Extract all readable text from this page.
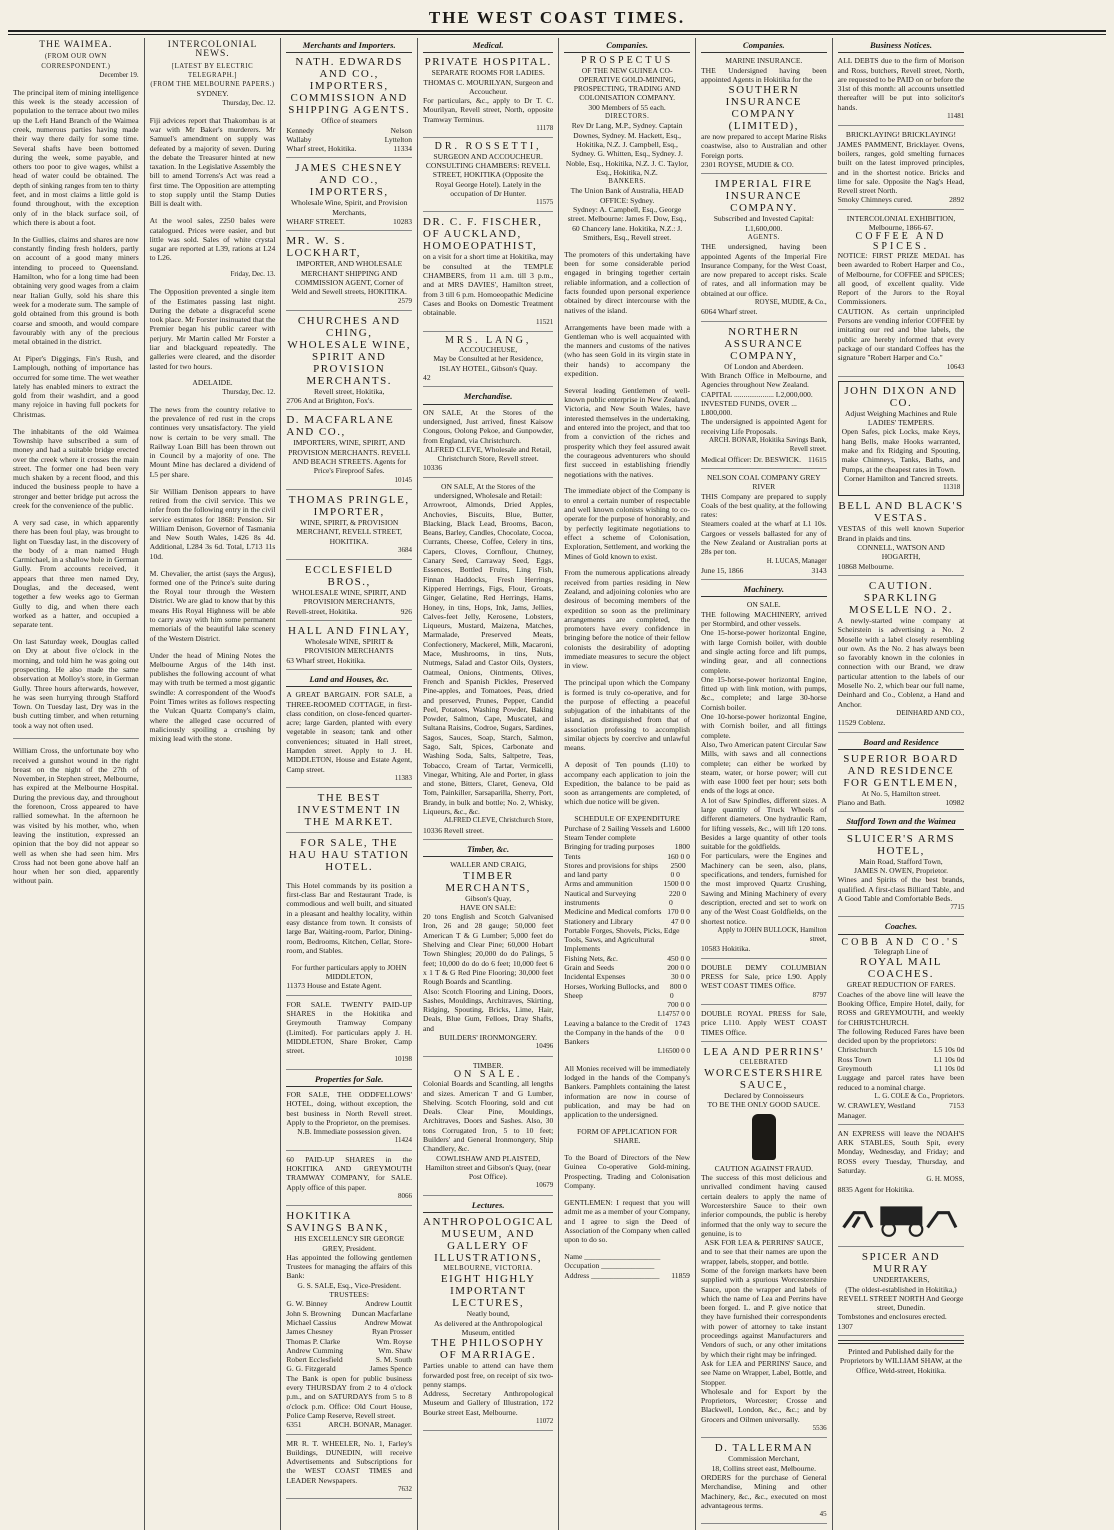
THE WEST COAST TIMES.
THE WAIMEA.
(FROM OUR OWN CORRESPONDENT.)
December 19.

The principal item of mining intelligence this week is the steady accession of population to the terrace about two miles up the Left Hand Branch of the Waimea creek, numerous parties having made their way there daily for some time. Several shafts have been bottomed during the week, some payable, and others too poor to give wages, whilst a head of water could be obtained. The depth of sinking ranges from ten to thirty feet, and in most claims a little gold is found throughout, with the exception only of in the black surface soil, of which there is about a foot.

In the Gullies, claims and shares are now constantly finding fresh holders, partly on account of a good many miners intending to proceed to Queensland. Hamilton, who for a long time had been obtaining very good wages from a claim near Italian Gully, sold his share this week for a moderate sum. The sample of gold obtained from this ground is both coarse and smooth, and would compare favourably with any of the precious metal obtained in the district.

At Piper's Diggings, Fin's Rush, and Lamplough, nothing of importance has occurred for some time. The wet weather lately has enabled miners to extract the gold from their washdirt, and a good many rejoice in having full pockets for Christmas.

The inhabitants of the old Waimea Township have subscribed a sum of money and had a suitable bridge erected over the creek where it crosses the main street. The former one had been very much shaken by a recent flood, and this induced the business people to have a stronger and better bridge put across the creek for the convenience of the public.

A very sad case, in which apparently there has been foul play, was brought to light on Tuesday last, in the discovery of the body of a man named Hugh Carmichael, in a shallow hole in German Gully. From accounts received, it appears that three men named Dry, Douglas, and the deceased, went together a few weeks ago to German Gully to dig, and when there each worked as a hatter, and occupied a separate tent.

On last Saturday week, Douglas called on Dry at about five o'clock in the morning, and told him he was going out prospecting. He also made the same observation at Molloy's store, in German Gully. Three hours afterwards, however, he was seen hurrying through Stafford Town. On Tuesday last, Dry was in the bush cutting timber, and when returning took a way not often used.

William Cross, the unfortunate boy who received a gunshot wound in the right breast on the night of the 27th of November, in Stephen street, Melbourne, has expired at the Melbourne Hospital. During the previous day, and throughout the forenoon, Cross appeared to have rallied somewhat. In the afternoon he was visited by his mother, who, when leaving the institution, expressed an opinion that the boy did not appear so well as when she had seen him. Mrs Cross had not been gone above half an hour when her son died, apparently without pain.

INTERCOLONIAL NEWS.
[LATEST BY ELECTRIC TELEGRAPH.]
(FROM THE MELBOURNE PAPERS.)
SYDNEY.
Thursday, Dec. 12.

Fiji advices report that Thakombau is at war with Mr Baker's murderers. Mr Samuel's amendment on supply was defeated by a majority of seven. During the debate the Treasurer hinted at new taxation. In the Legislative Assembly the bill to amend Torrens's Act was read a first time. The Opposition are attempting to stop supply until the Stamp Duties Bill is dealt with.

At the wool sales, 2250 bales were catalogued. Prices were easier, and but little was sold. Sales of white crystal sugar are reported at L39, rations at L24 to L26.

Friday, Dec. 13.

The Opposition prevented a single item of the Estimates passing last night. During the debate a disgraceful scene took place. Mr Forster insinuated that the Premier began his public career with perjury. Mr Martin called Mr Forster a liar and blackguard repeatedly. The galleries were cleared, and the disorder lasted for two hours.

ADELAIDE.
Thursday, Dec. 12.

The news from the country relative to the prevalence of red rust in the crops continues very unsatisfactory. The yield now is certain to be very small. The Railway Loan Bill has been thrown out in Council by a majority of one. The Mount Mine has declared a dividend of L5 per share.

Sir William Denison appears to have retired from the civil service. This we infer from the following entry in the civil service estimates for 1868: Pension. Sir William Denison, Governor of Tasmania and New South Wales, 1426 8s 4d. Additional, L284 3s 6d. Total, L713 11s 10d.

M. Chevalier, the artist (says the Argus), formed one of the Prince's suite during the Royal tour through the Western District. We are glad to know that by this means His Royal Highness will be able to carry away with him some permanent memorials of the beautiful lake scenery of the Western District.

Under the head of Mining Notes the Melbourne Argus of the 14th inst. publishes the following account of what may with truth be termed a most gigantic swindle: A correspondent of the Wood's Point Times writes as follows respecting the Vulcan Quartz Company's claim, where the alleged case occurred of maliciously spoiling a crushing by mixing lead with the stone.

Merchants and Importers.
NATH. EDWARDS AND CO., IMPORTERS, COMMISSION AND SHIPPING AGENTS.
Office of steamers
Kennedy	Nelson
Wallaby	Lyttelton
Wharf street, Hokitika.	11334
JAMES CHESNEY AND CO., IMPORTERS,
Wholesale Wine, Spirit, and Provision Merchants,
WHARF STREET.	10283
MR. W. S. LOCKHART,
IMPORTER, AND WHOLESALE MERCHANT SHIPPING AND COMMISSION AGENT, Corner of Weld and Sewell streets, HOKITIKA.
2579
CHURCHES AND CHING, WHOLESALE WINE, SPIRIT AND PROVISION MERCHANTS.
Revell street, Hokitika,
2706 And at Brighton, Fox's.
D. MACFARLANE AND CO.,
IMPORTERS, WINE, SPIRIT, AND PROVISION MERCHANTS. REVELL AND BEACH STREETS. Agents for Price's Fireproof Safes.
10145
THOMAS PRINGLE, IMPORTER,
WINE, SPIRIT, & PROVISION MERCHANT, REVELL STREET, HOKITIKA.
3684
ECCLESFIELD BROS.,
WHOLESALE WINE, SPIRIT, AND PROVISION MERCHANTS,
Revell-street, Hokitika.	926
HALL AND FINLAY,
Wholesale WINE, SPIRIT & PROVISION MERCHANTS
63 Wharf street, Hokitika.
Land and Houses, &c.
A GREAT BARGAIN. FOR SALE, a THREE-ROOMED COTTAGE, in first-class condition, on close-fenced quarter-acre; large Garden, planted with every vegetable in season; tank and other conveniences; situated in Hall street, Hampden street. Apply to J. H. MIDDLETON, House and Estate Agent, Camp street.
11383
THE BEST INVESTMENT IN THE MARKET.
FOR SALE, THE HAU HAU STATION HOTEL.

This Hotel commands by its position a first-class Bar and Restaurant Trade, is commodious and well built, and situated in a pleasant and healthy locality, within easy distance from town. It consists of large Bar, Waiting-room, Parlor, Dining-room, Bedrooms, Kitchen, Cellar, Store-room, and Stables.

For further particulars apply to JOHN MIDDLETON,
11373 House and Estate Agent.
FOR SALE. TWENTY PAID-UP SHARES in the Hokitika and Greymouth Tramway Company (Limited). For particulars apply J. H. MIDDLETON, Share Broker, Camp street.
10198
Properties for Sale.
FOR SALE, THE ODDFELLOWS' HOTEL, doing, without exception, the best business in North Revell street. Apply to the Proprietor, on the premises.
N.B. Immediate possession given.
11424
60 PAID-UP SHARES in the HOKITIKA AND GREYMOUTH TRAMWAY COMPANY, for SALE. Apply office of this paper.
8066
HOKITIKA SAVINGS BANK,
HIS EXCELLENCY SIR GEORGE GREY, President.
Has appointed the following gentlemen Trustees for managing the affairs of this Bank:
G. S. SALE, Esq., Vice-President.
TRUSTEES:
G. W. Binney	Andrew Louttit
John S. Browning Duncan Macfarlane
Michael Cassius	Andrew Mowat
James Chesney	Ryan Prosser
Thomas P. Clarke	Wm. Royse
Andrew Cumming	Wm. Shaw
Robert Ecclesfield	S. M. South
G. G. Fitzgerald	James Spence
The Bank is open for public business every THURSDAY from 2 to 4 o'clock p.m., and on SATURDAYS from 5 to 8 o'clock p.m. Office: Old Court House, Police Camp Reserve, Revell street.
6351	ARCH. BONAR, Manager.
MR R. T. WHEELER, No. 1, Farley's Buildings, DUNEDIN, will receive Advertisements and Subscriptions for the WEST COAST TIMES and LEADER Newspapers.
7632
Medical.
PRIVATE HOSPITAL.
SEPARATE ROOMS FOR LADIES.
THOMAS C. MOURILYAN, Surgeon and Accoucheur.
For particulars, &c., apply to Dr T. C. Mourilyan, Revell street, North, opposite Tramway Terminus.
11178
DR. ROSSETTI,
SURGEON AND ACCOUCHEUR.
CONSULTING CHAMBERS: REVELL STREET, HOKITIKA (Opposite the Royal George Hotel). Lately in the occupation of Dr Hunter.
11575
DR. C. F. FISCHER, OF AUCKLAND, HOMOEOPATHIST,
on a visit for a short time at Hokitika, may be consulted at the TEMPLE CHAMBERS, from 11 a.m. till 3 p.m., and at MRS DAVIES', Hamilton street, from 3 till 6 p.m. Homoeopathic Medicine Cases and Books on Domestic Treatment obtainable.
11521
MRS. LANG,
ACCOUCHEUSE,
May be Consulted at her Residence, ISLAY HOTEL, Gibson's Quay.
42
Merchandise.
ON SALE, At the Stores of the undersigned, Just arrived, finest Kaisow Congous, Oolong Pekoe, and Gunpowder, from England, via Christchurch.
ALFRED CLEVE, Wholesale and Retail, Christchurch Store, Revell street.
10336
ON SALE, At the Stores of the undersigned, Wholesale and Retail:
Arrowroot, Almonds, Dried Apples, Anchovies, Biscuits, Blue, Butter, Blacking, Black Lead, Brooms, Bacon, Beans, Barley, Candles, Chocolate, Cocoa, Currants, Cheese, Coffee, Celery in tins, Capers, Cloves, Cornflour, Chutney, Canary Seed, Carraway Seed, Eggs, Essences, Bottled Fruits, Ling Fish, Finnan Haddocks, Fresh Herrings, Kippered Herrings, Figs, Flour, Groats, Ginger, Gelatine, Red Herrings, Hams, Honey, in tins, Hops, Ink, Jams, Jellies, Calves-feet Jelly, Kerosene, Lobsters, Liqueurs, Mustard, Maizena, Matches, Marmalade, Preserved Meats, Confectionery, Mackerel, Milk, Macaroni, Mace, Mushrooms, in tins, Nuts, Nutmegs, Salad and Castor Oils, Oysters, Oatmeal, Onions, Ointments, Olives, French and Spanish Pickles, Preserved Pine-apples, and Tomatoes, Peas, dried and preserved, Prunes, Pepper, Candid Peel, Potatoes, Washing Powder, Baking Powder, Salmon, Cape, Muscatel, and Sultana Raisins, Codroe, Sugars, Sardines, Sagos, Sauces, Soap, Starch, Salmon, Sago, Salt, Spices, Carbonate and Washing Soda, Salts, Saltpetre, Teas, Tobacco, Cream of Tartar, Vermicelli, Vinegar, Whiting, Ale and Porter, in glass and stone, Bitters, Claret, Geneva, Old Tom, Painkiller, Sarsaparilla, Sherry, Port, Brandy, in bulk and bottle; No. 2, Whisky, Liqueurs, &c., &c.
ALFRED CLEVE, Christchurch Store,
10336 Revell street.
Timber, &c.
WALLER AND CRAIG,
TIMBER MERCHANTS,
Gibson's Quay,
HAVE ON SALE:
20 tons English and Scotch Galvanised Iron, 26 and 28 gauge; 50,000 feet American T & G Lumber; 5,000 feet do Shelving and Clear Pine; 60,000 Hobart Town Shingles; 20,000 do do Palings, 5 feet; 10,000 do do do 6 feet; 10,000 feet 6 x 1 T & G Red Pine Flooring; 30,000 feet Rough Boards and Scantling.
Also: Scotch Flooring and Lining, Doors, Sashes, Mouldings, Architraves, Skirting, Ridging, Spouting, Bricks, Lime, Hair, Deals, Blue Gum, Felloes, Dray Shafts, and
BUILDERS' IRONMONGERY.
10496
TIMBER.
ON SALE.
Colonial Boards and Scantling, all lengths and sizes. American T and G Lumber, Shelving. Scotch Flooring, sold and cut Deals. Clear Pine, Mouldings, Architraves, Doors and Sashes. Also, 30 tons Corrugated Iron, 5 to 10 feet; Builders' and General Ironmongery, Ship Chandlery, &c.
COWLISHAW AND PLAISTED, Hamilton street and Gibson's Quay, (near Post Office).
10679
Lectures.
ANTHROPOLOGICAL MUSEUM, AND GALLERY OF ILLUSTRATIONS,
MELBOURNE, VICTORIA.
EIGHT HIGHLY IMPORTANT LECTURES,
Neatly bound,
As delivered at the Anthropological Museum, entitled
THE PHILOSOPHY OF MARRIAGE.
Parties unable to attend can have them forwarded post free, on receipt of six two-penny stamps.
Address, Secretary Anthropological Museum and Gallery of Illustration, 172 Bourke street East, Melbourne.
11072
Companies.
PROSPECTUS
OF THE NEW GUINEA CO-OPERATIVE GOLD-MINING, PROSPECTING, TRADING AND COLONISATION COMPANY.
300 Members of 55 each.
DIRECTORS.
Rev Dr Lang, M.P., Sydney. Captain Downes, Sydney. M. Hackett, Esq., Hokitika, N.Z. J. Campbell, Esq., Sydney. G. Whitten, Esq., Sydney. J. Noble, Esq., Hokitika, N.Z. J. C. Taylor, Esq., Hokitika, N.Z.
BANKERS.
The Union Bank of Australia, HEAD OFFICE: Sydney.
Sydney: A. Campbell, Esq., George street. Melbourne: James F. Dow, Esq., 60 Chancery lane. Hokitika, N.Z.: J. Smithers, Esq., Revell street.

The promoters of this undertaking have been for some considerable period engaged in bringing together certain reliable information, and a collection of facts founded upon personal experience obtained by direct intercourse with the natives of the island.

Arrangements have been made with a Gentleman who is well acquainted with the manners and customs of the natives (who has seen Gold in its virgin state in their hands) to accompany the expedition.

Several leading Gentlemen of well-known public enterprise in New Zealand, Victoria, and New South Wales, have interested themselves in the undertaking, and entered into the project, and that too from a conviction of the riches and prosperity which they feel assured await the courageous adventurers who should first succeed in establishing friendly negotiations with the natives.

The immediate object of the Company is to enrol a certain number of respectable and well known colonists wishing to co-operate for the purpose of honorably, and by perfectly legitimate negotiations to effect a scheme of Colonisation, Exploration, Settlement, and working the Mines of Gold known to exist.

From the numerous applications already received from parties residing in New Zealand, and adjoining colonies who are desirous of becoming members of the expedition so soon as the preliminary arrangements are completed, the promoters have every confidence in bringing before the notice of their fellow colonists the desirability of adopting immediate measures to secure the object in view.

The principal upon which the Company is formed is truly co-operative, and for the purpose of effecting a peaceful subjugation of the inhabitants of the island, as distinguished from that of association professing to accomplish similar objects by coercive and unlawful means.

A deposit of Ten pounds (L10) to accompany each application to join the Expedition, the balance to be paid as soon as arrangements are completed, of which due notice will be given.

SCHEDULE OF EXPENDITURE
Purchase of 2 Sailing Vessels and Steam Tender complete
L6000
Bringing for trading purposes	1800
Tents	160 0 0
Stores and provisions for ships and land party
2500 0 0
Arms and ammunition	1500 0 0
Nautical and Surveying instruments
220 0 0
Medicine and Medical comforts 170 0 0
Stationery and Library	47 0 0
Portable Forges, Shovels, Picks, Edge Tools, Saws, and Agricultural Implements
Fishing Nets, &c.	450 0 0
Grain and Seeds	200 0 0
Incidental Expenses	30 0 0
Horses, Working Bullocks, and Sheep
800 0 0
700 0 0
L14757 0 0
Leaving a balance to the Credit of the Company in the hands of the Bankers
1743 0 0
L16500 0 0

All Monies received will be immediately lodged in the hands of the Company's Bankers. Pamphlets containing the latest information are now in course of publication, and may be had on application to the undersigned.

FORM OF APPLICATION FOR SHARE.

To the Board of Directors of the New Guinea Co-operative Gold-mining, Prospecting, Trading and Colonisation Company.

GENTLEMEN: I request that you will admit me as a member of your Company, and I agree to sign the Deed of Association of the Company when called upon to do so.

Name ____________________
Occupation ______________
Address __________________ 11859
Companies.
MARINE INSURANCE.
THE Undersigned having been appointed Agents in Hokitika for the
SOUTHERN INSURANCE COMPANY (LIMITED),
are now prepared to accept Marine Risks coastwise, also to Australian and other Foreign ports.
2301 ROYSE, MUDIE & CO.
IMPERIAL FIRE INSURANCE COMPANY.
Subscribed and Invested Capital: L1,600,000.
AGENTS.
THE undersigned, having been appointed Agents of the Imperial Fire Insurance Company, for the West Coast, are now prepared to accept risks. Scale of rates, and all information may be obtained at our office.
ROYSE, MUDIE, & Co.,
6064 Wharf street.
NORTHERN ASSURANCE COMPANY,
Of London and Aberdeen.
With Branch Office in Melbourne, and Agencies throughout New Zealand.
CAPITAL ..................... L2,000,000.
INVESTED FUNDS, OVER ... L800,000.
The undersigned is appointed Agent for receiving Life Proposals.
ARCH. BONAR, Hokitika Savings Bank, Revell street.
Medical Officer: Dr. BESWICK. 11615
NELSON COAL COMPANY GREY RIVER
THIS Company are prepared to supply Coals of the best quality, at the following rates:
Steamers coaled at the wharf at L1 10s. Cargoes or vessels ballasted for any of the New Zealand or Australian ports at 28s per ton.
H. LUCAS, Manager
June 15, 1866	3143
Machinery.
ON SALE.
THE following MACHINERY, arrived per Stormbird, and other vessels.
One 15-horse-power horizontal Engine, with large Cornish boiler, with double and single acting force and lift pumps, winding gear, and all connections complete.
One 15-horse-power horizontal Engine, fitted up with link motion, with pumps, &c., complete; and large 30-horse Cornish boiler.
One 10-horse-power horizontal Engine, with Cornish boiler, and all fittings complete.
Also, Two American patent Circular Saw Mills, with saws and all connections complete; can either be worked by steam, water, or horse power; will cut with ease 1000 feet per hour; sets both ends of the logs at once.
A lot of Saw Spindles, different sizes. A large quantity of Truck Wheels of different diameters. One hydraulic Ram, for lifting vessels, &c., will lift 120 tons. Besides a large quantity of other tools suitable for the goldfields.
For particulars, were the Engines and Machinery can be seen, also, plans, specifications, and tenders, furnished for the most improved Quartz Crushing, Sawing and Mining Machinery of every description, erected and set to work on any of the West Coast Goldfields, on the shortest notice.
Apply to JOHN BULLOCK, Hamilton street,
10583 Hokitika.
DOUBLE DEMY COLUMBIAN PRESS for Sale, price L90. Apply WEST COAST TIMES Office.
8797
DOUBLE ROYAL PRESS for Sale, price L110. Apply WEST COAST TIMES Office.
LEA AND PERRINS'
CELEBRATED
WORCESTERSHIRE SAUCE,
Declared by Connoisseurs
TO BE THE ONLY GOOD SAUCE.
CAUTION AGAINST FRAUD.
The success of this most delicious and unrivalled condiment having caused certain dealers to apply the name of Worcestershire Sauce to their own inferior compounds, the public is hereby informed that the only way to secure the genuine, is to
ASK FOR LEA & PERRINS' SAUCE,
and to see that their names are upon the wrapper, labels, stopper, and bottle.
Some of the foreign markets have been supplied with a spurious Worcestershire Sauce, upon the wrapper and labels of which the name of Lea and Perrins have been forged. L. and P. give notice that they have furnished their correspondents with power of attorney to take instant proceedings against Manufacturers and Vendors of such, or any other imitations by which their right may be infringed.
Ask for LEA and PERRINS' Sauce, and see Name on Wrapper, Label, Bottle, and Stopper.
Wholesale and for Export by the Proprietors, Worcester; Crosse and Blackwell, London, &c., &c.; and by Grocers and Oilmen universally.
5536
D. TALLERMAN
Commission Merchant,
18, Collins street east, Melbourne.
ORDERS for the purchase of General Merchandise, Mining and other Machinery, &c., &c., executed on most advantageous terms.
45
Business Notices.
ALL DEBTS due to the firm of Morison and Ross, butchers, Revell street, North, are requested to be PAID on or before the 31st of this month: all accounts unsettled thereafter will be put into solicitor's hands.
11481
BRICKLAYING! BRICKLAYING!
JAMES PAMMENT, Bricklayer. Ovens, boilers, ranges, gold smelting furnaces built on the latest improved principles, and in the shortest notice. Bricks and lime for sale. Opposite the Nag's Head, Revell street North.
Smoky Chimneys cured.	2892
INTERCOLONIAL EXHIBITION,
Melbourne, 1866-67.
COFFEE AND SPICES.
NOTICE: FIRST PRIZE MEDAL has been awarded to Robert Harper and Co., of Melbourne, for COFFEE and SPICES; all good, of excellent quality. Vide Report of the Jurors to the Royal Commissioners.
CAUTION. As certain unprincipled Persons are vending inferior COFFEE by imitating our red and blue labels, the public are hereby informed that every package of our standard Coffees has the signature "Robert Harper and Co."
10643
JOHN DIXON AND CO.
Adjust Weighing Machines and Rule LADIES' TEMPERS.
Open Safes, pick Locks, make Keys, hang Bells, make Hooks warranted, make and fix Ridging and Spouting, make Chimneys, Tanks, Baths, and Pumps, at the cheapest rates in Town.
Corner Hamilton and Tancred streets.
11318
BELL AND BLACK'S VESTAS.
VESTAS of this well known Superior Brand in plaids and tins.
CONNELL, WATSON AND HOGARTH,
10868 Melbourne.
CAUTION. SPARKLING MOSELLE NO. 2.
A newly-started wine company at Scheirstein is advertising a No. 2 Moselle with a label closely resembling our own. As the No. 2 has always been so favorably known in the colonies in connection with our Brand, we draw particular attention to the labels of our Moselle No. 2, which bear our full name, Deinhard and Co., Coblenz, a Hand and Anchor.
DEINHARD AND CO.,
11529 Coblenz.
Board and Residence
SUPERIOR BOARD AND RESIDENCE FOR GENTLEMEN,
At No. 5, Hamilton street.
Piano and Bath.	10982
Stafford Town and the Waimea
SLUICER'S ARMS HOTEL,
Main Road, Stafford Town,
JAMES N. OWEN, Proprietor.
Wines and Spirits of the best brands, qualified. A first-class Billiard Table, and A Good Table and Comfortable Beds.
7715
Coaches.
COBB AND CO.'S
Telegraph Line of
ROYAL MAIL COACHES.
GREAT REDUCTION OF FARES.
Coaches of the above line will leave the Booking Office, Empire Hotel, daily, for ROSS and GREYMOUTH, and weekly for CHRISTCHURCH.
The following Reduced Fares have been decided upon by the proprietors:
Christchurch	L5 10s 0d
Ross Town	L1 10s 0d
Greymouth	L1 10s 0d
Luggage and parcel rates have been reduced to a nominal charge.
L. G. COLE & Co., Proprietors.
W. CRAWLEY, Westland Manager.
7153
AN EXPRESS will leave the NOAH'S ARK STABLES, South Spit, every Monday, Wednesday, and Friday; and ROSS every Tuesday, Thursday, and Saturday.
G. H. MOSS,
8835 Agent for Hokitika.
SPICER AND MURRAY
UNDERTAKERS,
(The oldest-established in Hokitika,) REVELL STREET NORTH And George street, Dunedin.
Tombstones and enclosures erected.
1307
Printed and Published daily for the Proprietors by WILLIAM SHAW, at the Office, Weld-street, Hokitika.
